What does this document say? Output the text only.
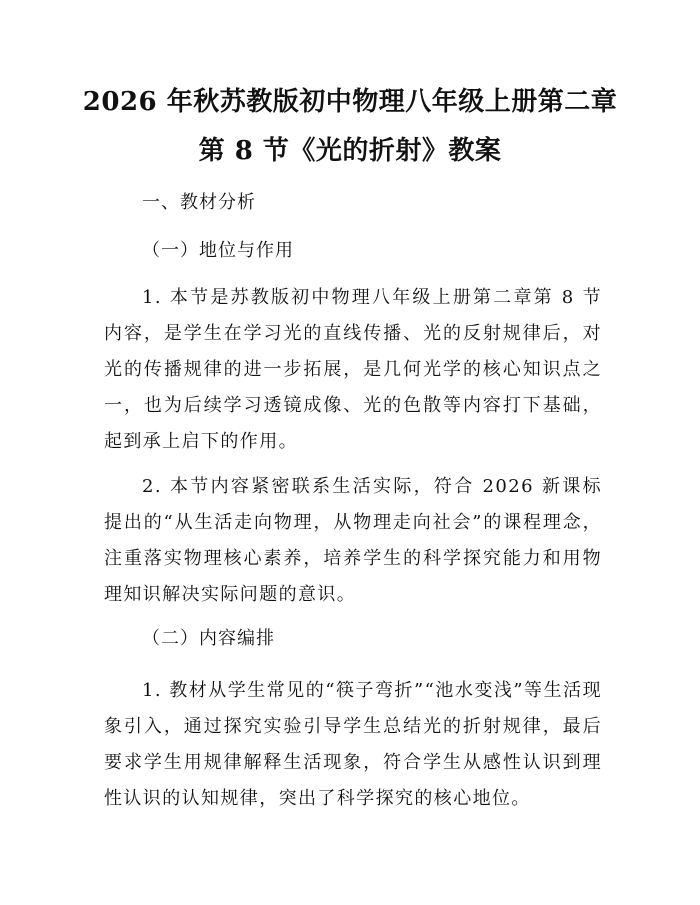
2026 年秋苏教版初中物理八年级上册第二章
第 8 节《光的折射》教案
一、教材分析
（一）地位与作用
1. 本节是苏教版初中物理八年级上册第二章第 8 节内容，是学生在学习光的直线传播、光的反射规律后，对光的传播规律的进一步拓展，是几何光学的核心知识点之一，也为后续学习透镜成像、光的色散等内容打下基础，起到承上启下的作用。
2. 本节内容紧密联系生活实际，符合 2026 新课标提出的“从生活走向物理，从物理走向社会”的课程理念，注重落实物理核心素养，培养学生的科学探究能力和用物理知识解决实际问题的意识。
（二）内容编排
1. 教材从学生常见的“筷子弯折”“池水变浅”等生活现象引入，通过探究实验引导学生总结光的折射规律，最后要求学生用规律解释生活现象，符合学生从感性认识到理性认识的认知规律，突出了科学探究的核心地位。
